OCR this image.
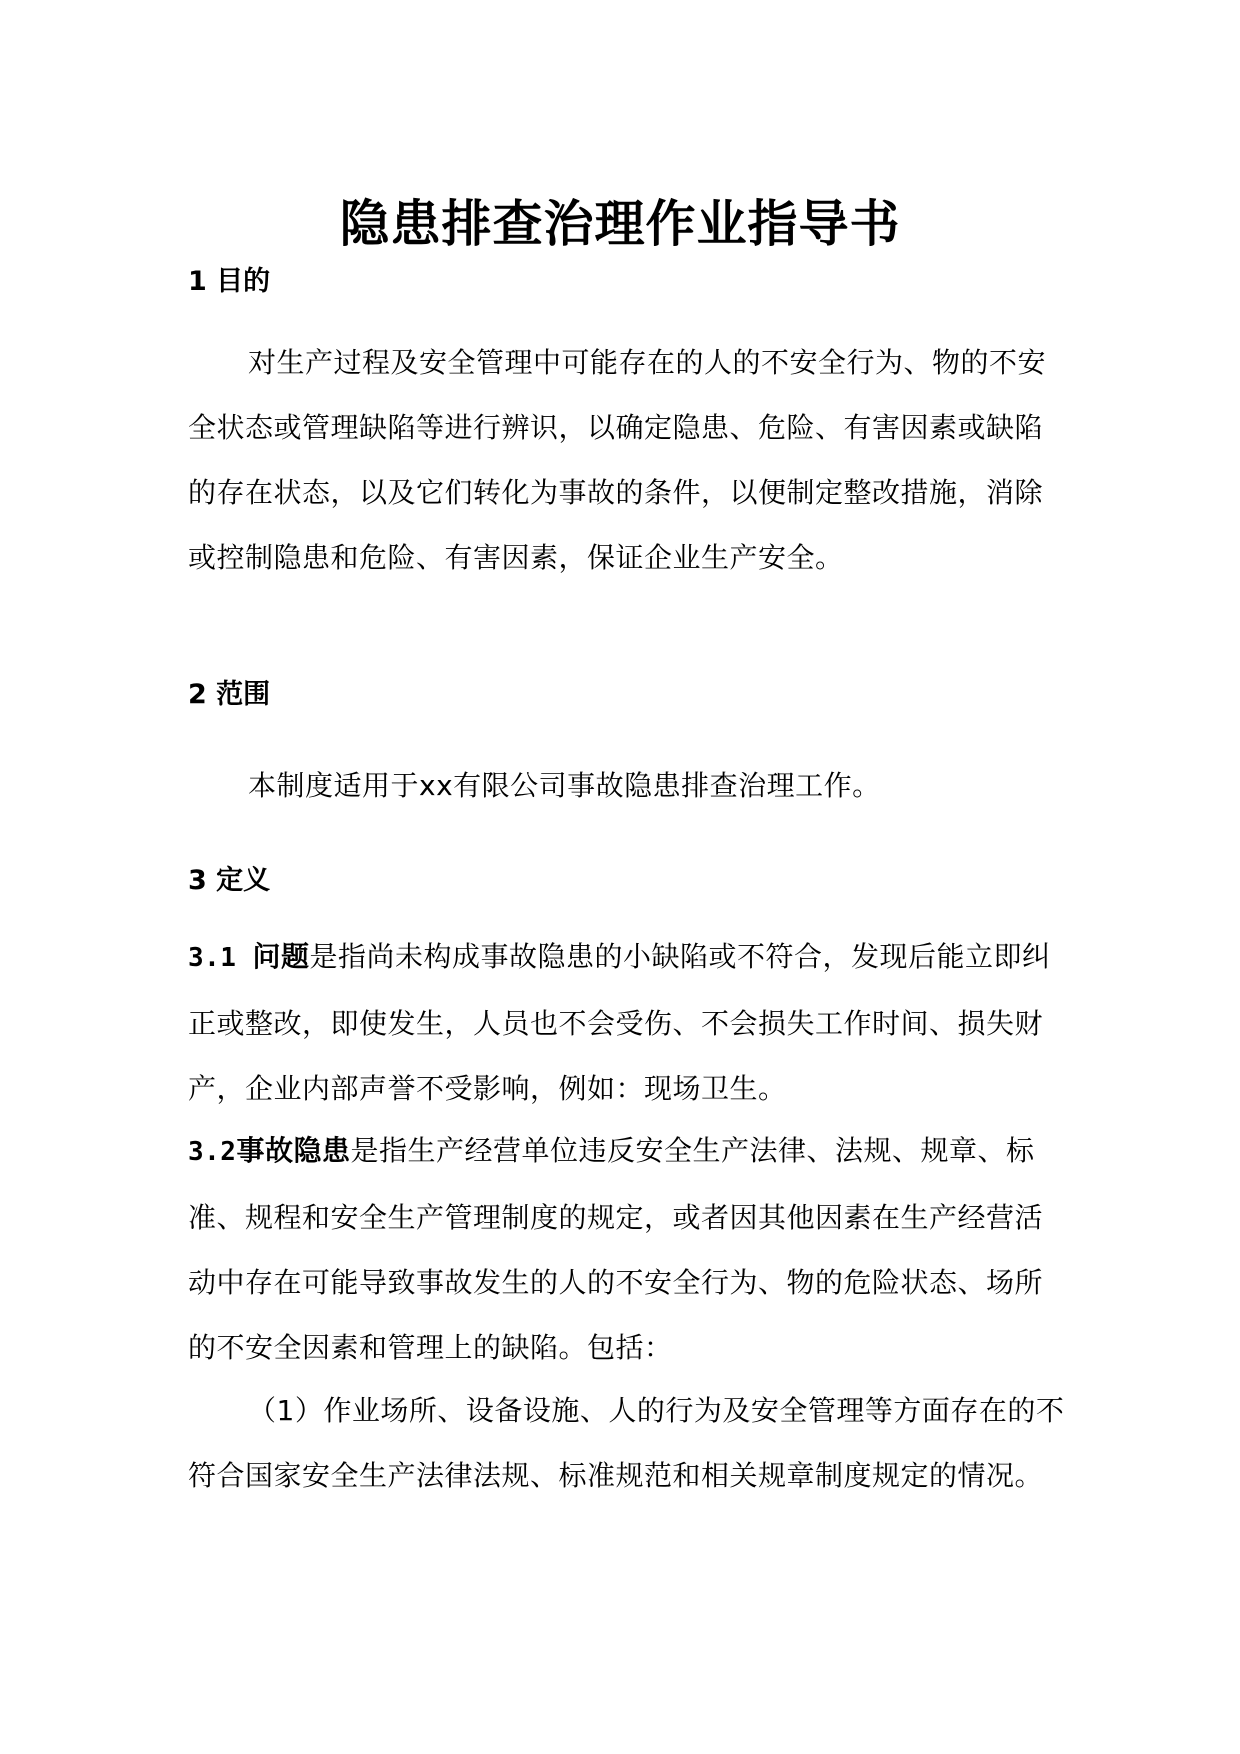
隐患排查治理作业指导书
1 目的

对生产过程及安全管理中可能存在的人的不安全行为、物的不安全状态或管理缺陷等进行辨识，以确定隐患、危险、有害因素或缺陷的存在状态，以及它们转化为事故的条件，以便制定整改措施，消除或控制隐患和危险、有害因素，保证企业生产安全。

2 范围

本制度适用于xx有限公司事故隐患排查治理工作。

3 定义

3.1 问题是指尚未构成事故隐患的小缺陷或不符合，发现后能立即纠正或整改，即使发生，人员也不会受伤、不会损失工作时间、损失财产，企业内部声誉不受影响，例如：现场卫生。

3.2事故隐患是指生产经营单位违反安全生产法律、法规、规章、标准、规程和安全生产管理制度的规定，或者因其他因素在生产经营活动中存在可能导致事故发生的人的不安全行为、物的危险状态、场所的不安全因素和管理上的缺陷。包括：

（1）作业场所、设备设施、人的行为及安全管理等方面存在的不符合国家安全生产法律法规、标准规范和相关规章制度规定的情况。
